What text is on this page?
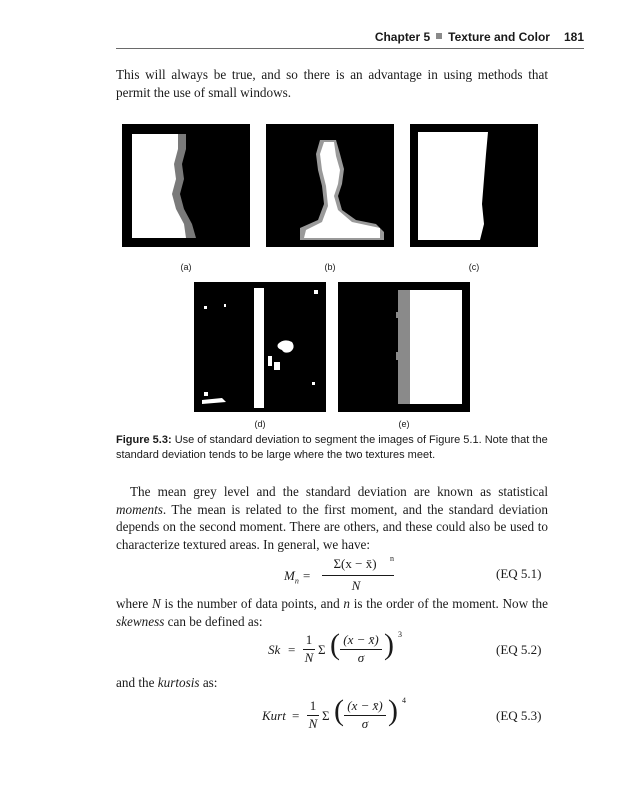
Chapter 5 Texture and Color 181
This will always be true, and so there is an advantage in using methods that permit the use of small windows.
(a)	(b)	(c)
(d)	(e)
Figure 5.3: Use of standard deviation to segment the images of Figure 5.1. Note that the standard deviation tends to be large where the two textures meet.
The mean grey level and the standard deviation are known as statistical moments. The mean is related to the first moment, and the standard deviation depends on the second moment. There are others, and these could also be used to characterize textured areas. In general, we have:
$M_n$ =
Σ(x − x̄)	n
N
(EQ 5.1)
where N is the number of data points, and n is the order of the moment. Now the skewness can be defined as:
Sk =
1
N
Σ ( (x − x̄)
σ ) 3
(EQ 5.2)
and the kurtosis as:
Kurt =
1
N
Σ ( (x − x̄)
σ ) 4
(EQ 5.3)
